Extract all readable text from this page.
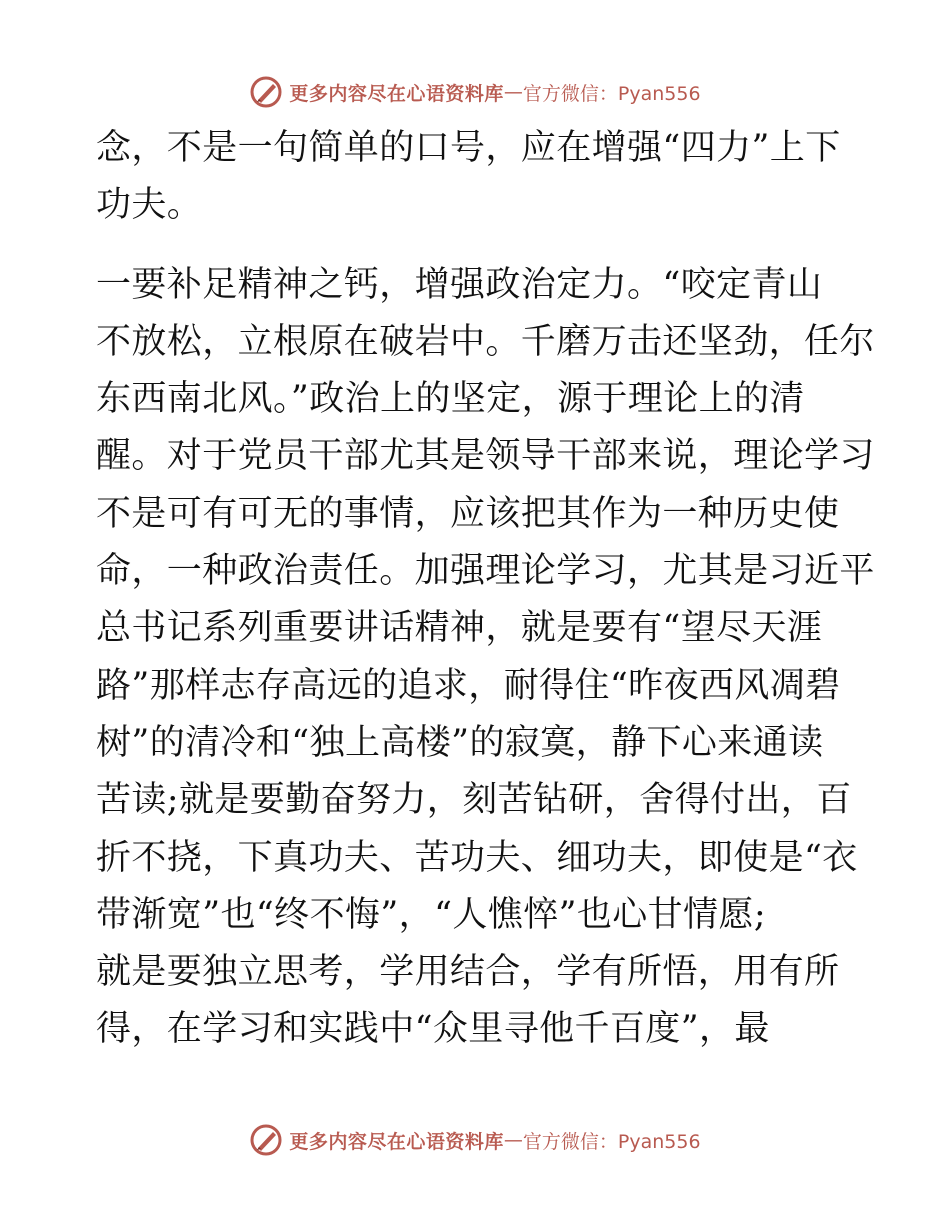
更多内容尽在心语资料库 — 官方微信：Pyan556
念，不是一句简单的口号，应在增强“四力”上下
功夫。
一要补足精神之钙，增强政治定力。“咬定青山
不放松，立根原在破岩中。千磨万击还坚劲，任尔
东西南北风。”政治上的坚定，源于理论上的清
醒。对于党员干部尤其是领导干部来说，理论学习
不是可有可无的事情，应该把其作为一种历史使
命，一种政治责任。加强理论学习，尤其是习近平
总书记系列重要讲话精神，就是要有“望尽天涯
路”那样志存高远的追求，耐得住“昨夜西风凋碧
树”的清冷和“独上高楼”的寂寞，静下心来通读
苦读;就是要勤奋努力，刻苦钻研，舍得付出，百
折不挠，下真功夫、苦功夫、细功夫，即使是“衣
带渐宽”也“终不悔”，“人憔悴”也心甘情愿;
就是要独立思考，学用结合，学有所悟，用有所
得，在学习和实践中“众里寻他千百度”，最
更多内容尽在心语资料库 — 官方微信：Pyan556
